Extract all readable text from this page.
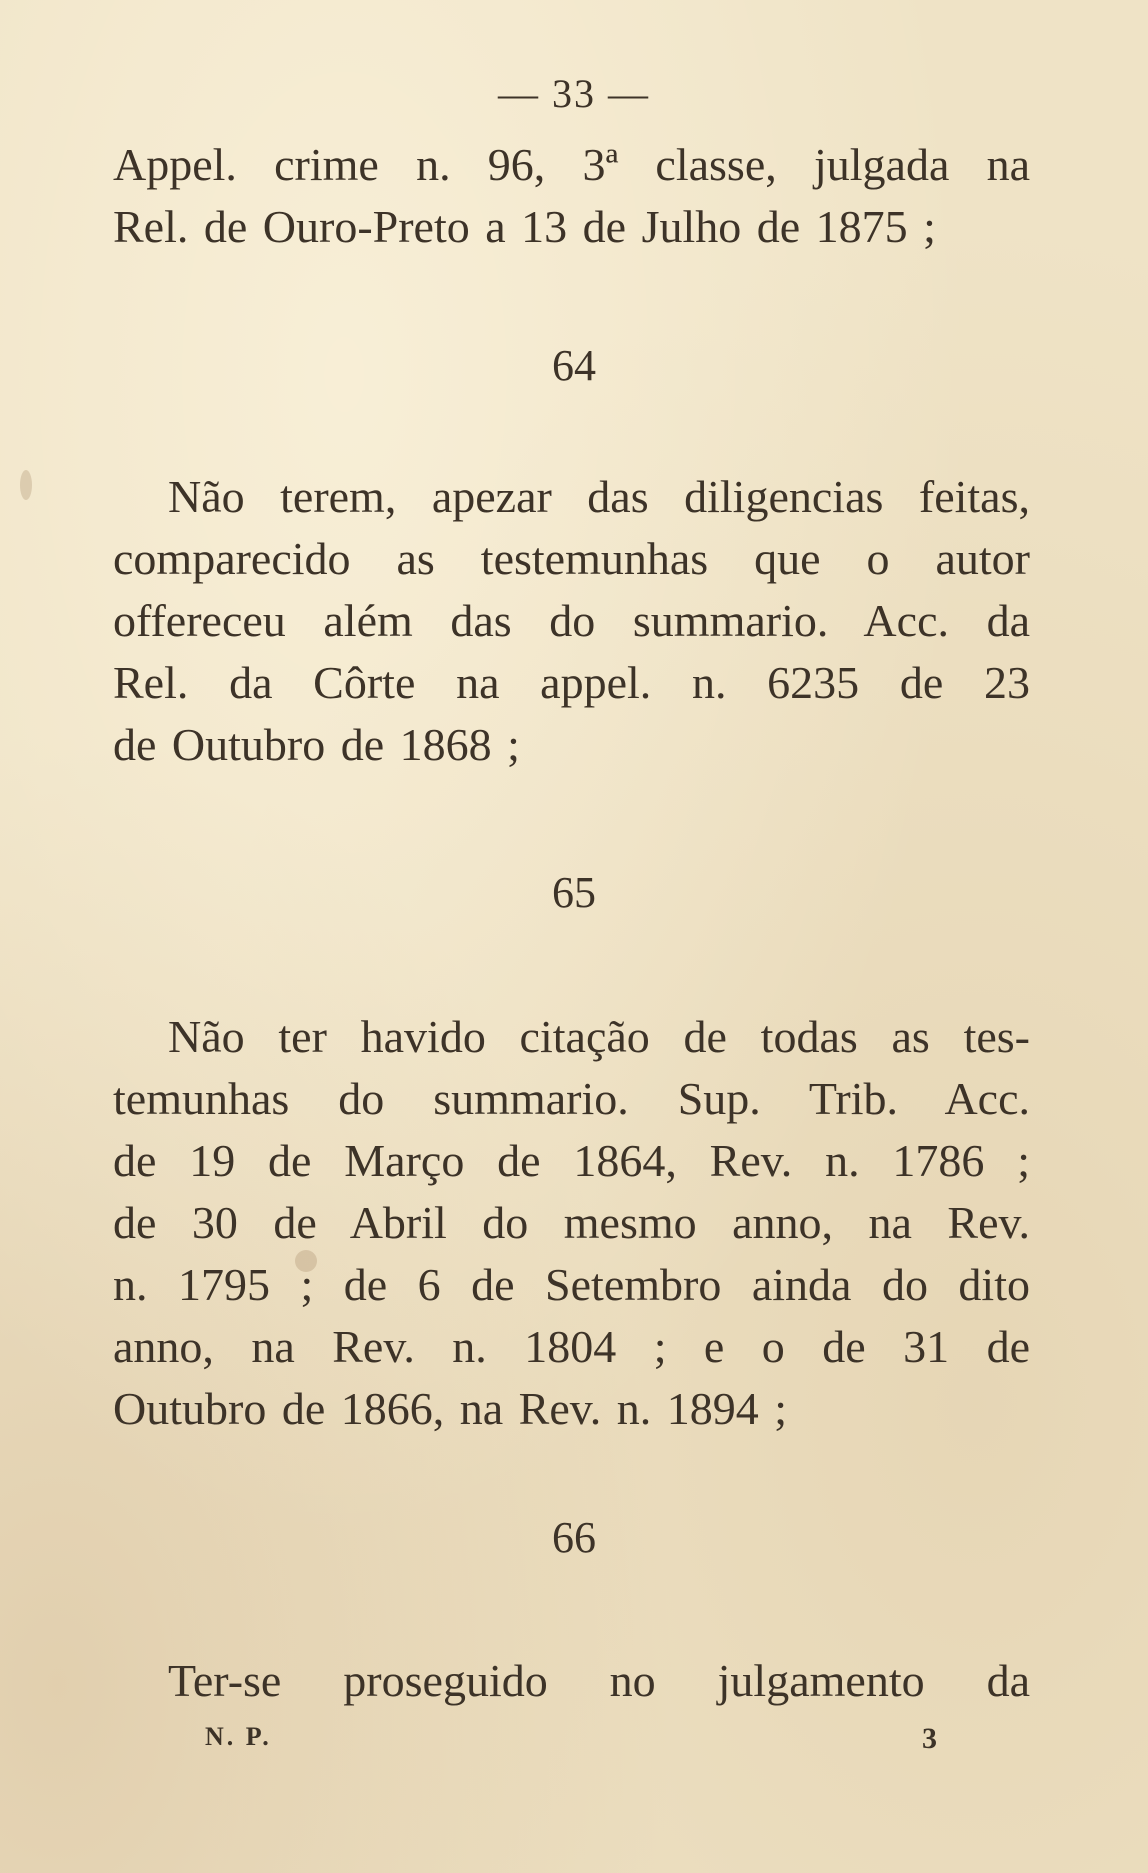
— 33 —
Appel. crime n. 96, 3ª classe, julgada na
Rel. de Ouro-Preto a 13 de Julho de 1875 ;
64
Não terem, apezar das diligencias feitas,
comparecido as testemunhas que o autor
offereceu além das do summario. Acc. da
Rel. da Côrte na appel. n. 6235 de 23
de Outubro de 1868 ;
65
Não ter havido citação de todas as tes-
temunhas do summario. Sup. Trib. Acc.
de 19 de Março de 1864, Rev. n. 1786 ;
de 30 de Abril do mesmo anno, na Rev.
n. 1795 ; de 6 de Setembro ainda do dito
anno, na Rev. n. 1804 ; e o de 31 de
Outubro de 1866, na Rev. n. 1894 ;
66
Ter-se proseguido no julgamento da
N. P.	3
